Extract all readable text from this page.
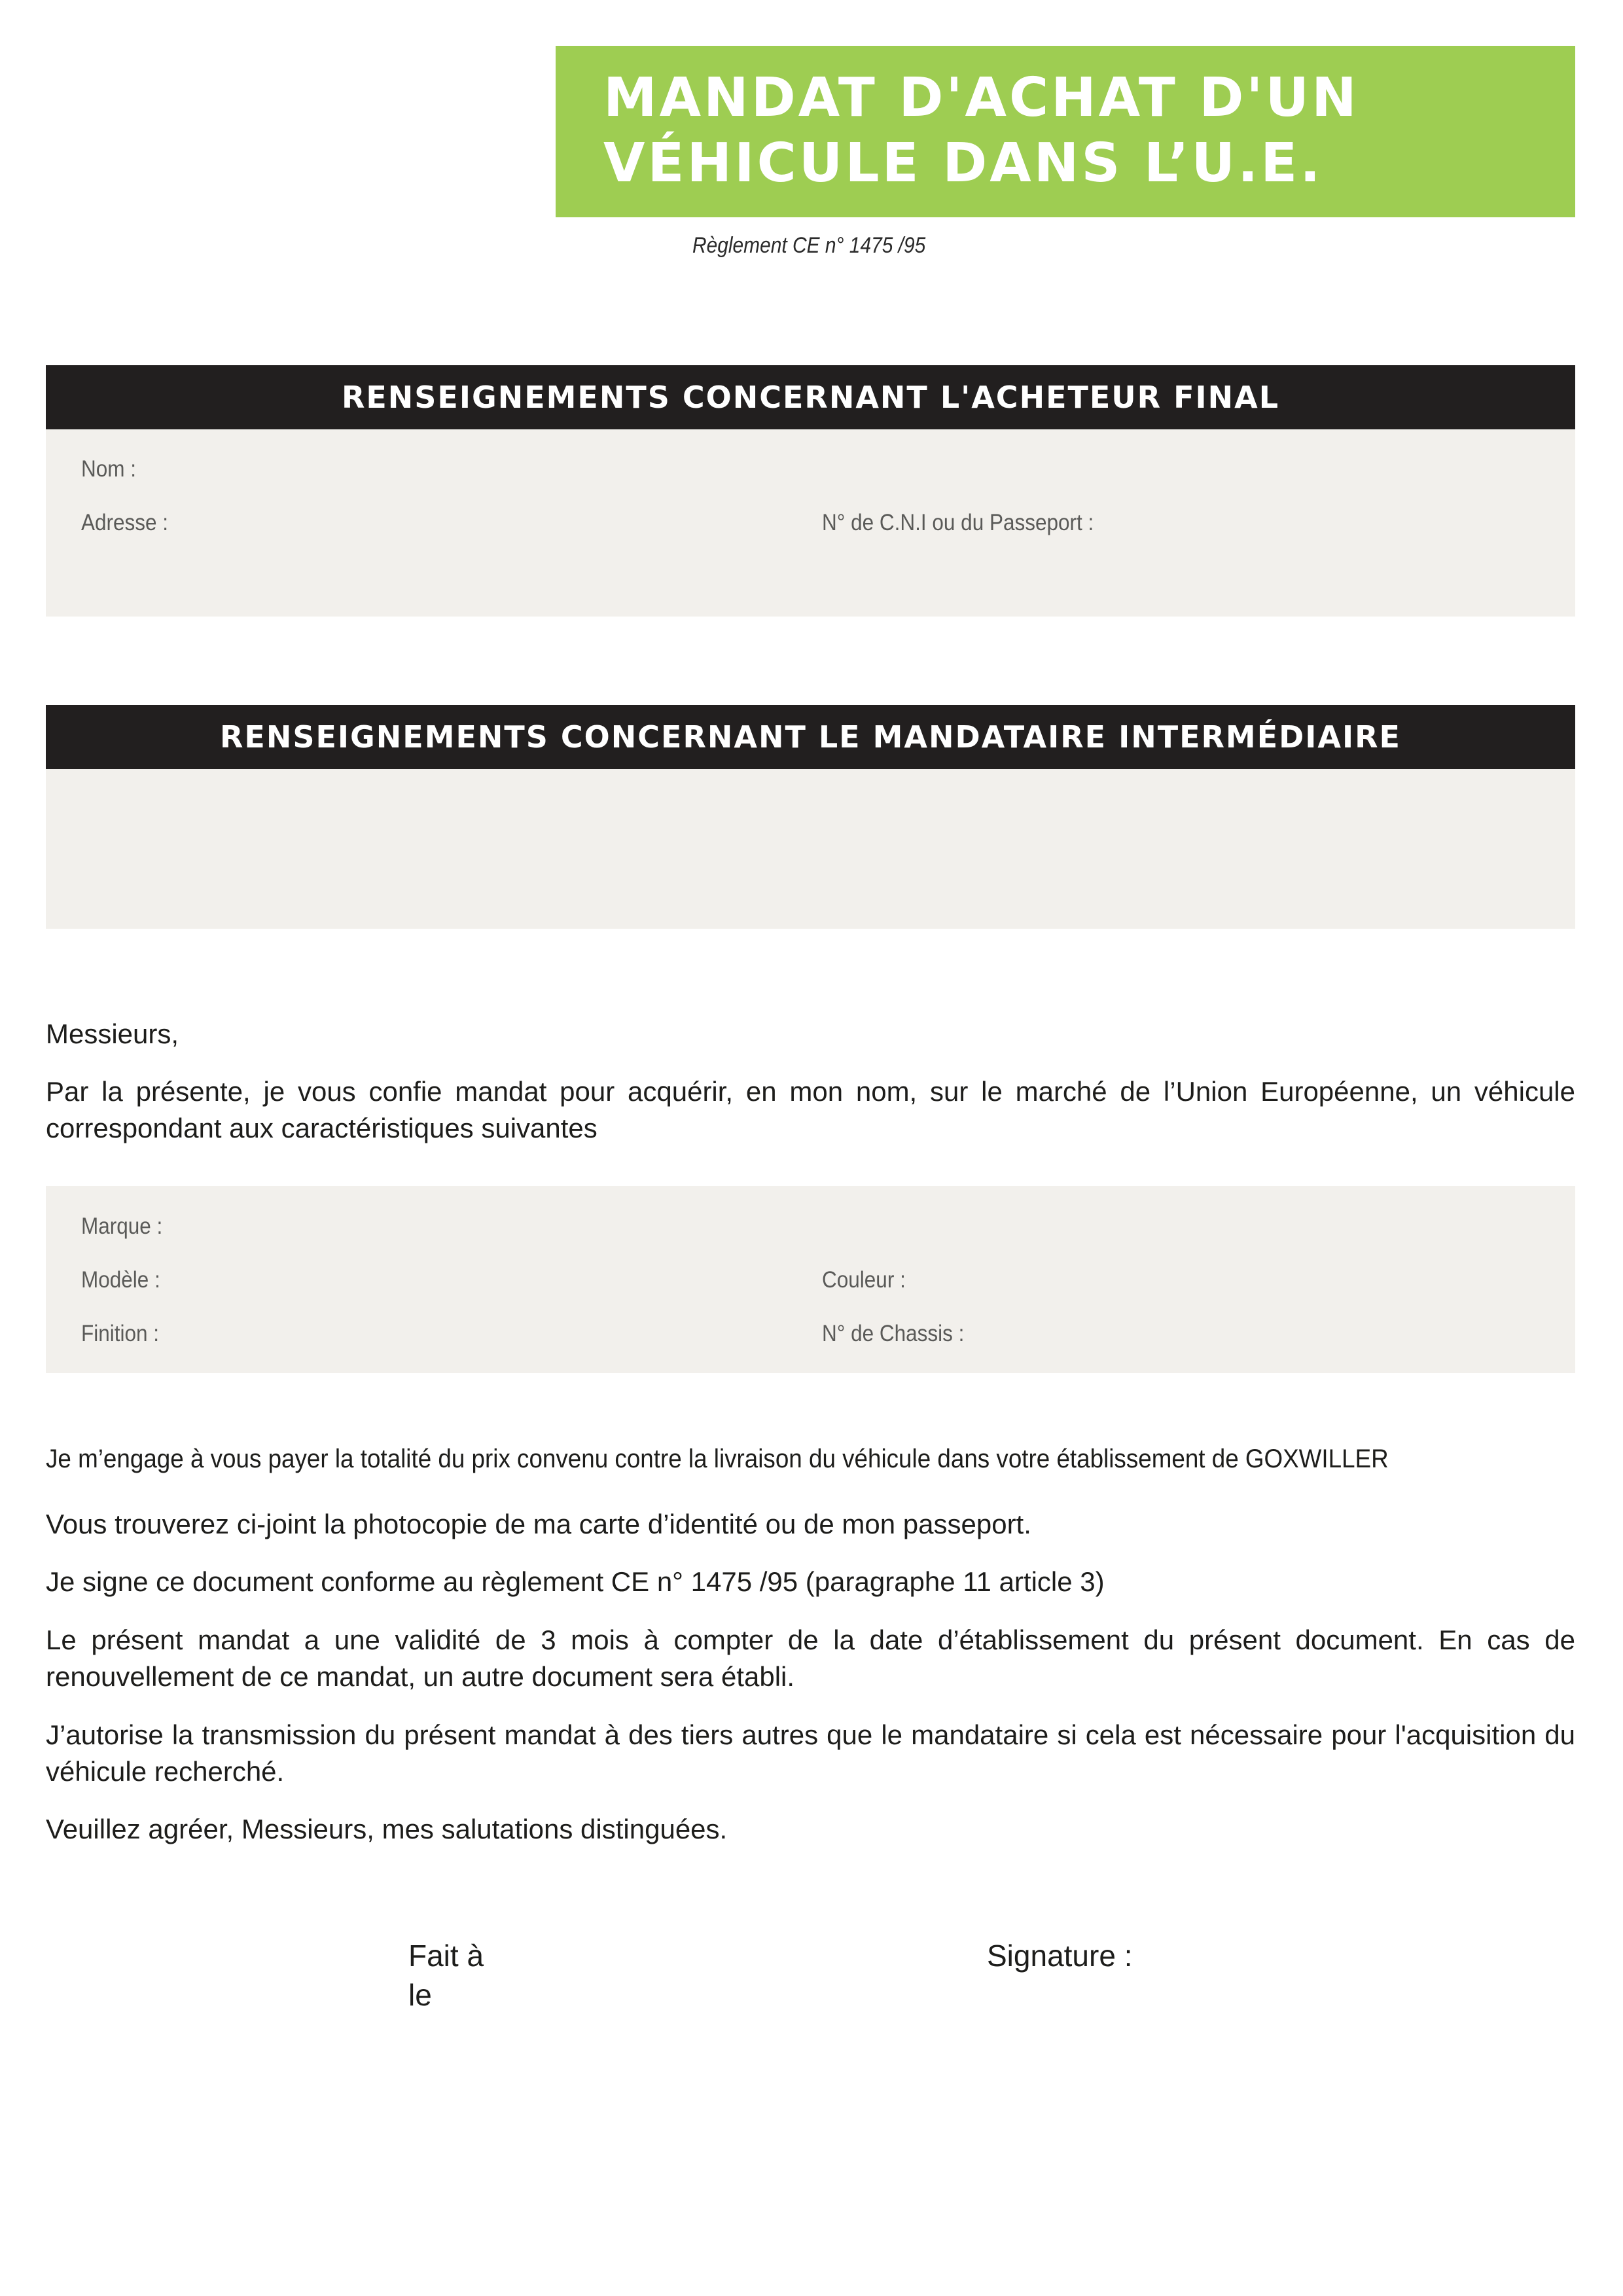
MANDAT D'ACHAT D'UN
VÉHICULE DANS L’U.E.
Règlement CE n° 1475 /95
RENSEIGNEMENTS CONCERNANT L'ACHETEUR FINAL
Nom :
Adresse :	N° de C.N.I ou du Passeport :
RENSEIGNEMENTS CONCERNANT LE MANDATAIRE INTERMÉDIAIRE
Messieurs,
Par la présente, je vous confie mandat pour acquérir, en mon nom, sur le marché de l’Union Européenne, un véhicule correspondant aux caractéristiques suivantes
Marque :
Modèle :	Couleur :
Finition :	N° de Chassis :
Je m’engage à vous payer la totalité du prix convenu contre la livraison du véhicule dans votre établissement de GOXWILLER
Vous trouverez ci-joint la photocopie de ma carte d’identité ou de mon passeport.
Je signe ce document conforme au règlement CE n° 1475 /95 (paragraphe 11 article 3)
Le présent mandat a une validité de 3 mois à compter de la date d’établissement du présent document. En cas de renouvellement de ce mandat, un autre document sera établi.
J’autorise la transmission du présent mandat à des tiers autres que le mandataire si cela est nécessaire pour l'acquisition du véhicule recherché.
Veuillez agréer, Messieurs, mes salutations distinguées.
Fait à
le
Signature :
